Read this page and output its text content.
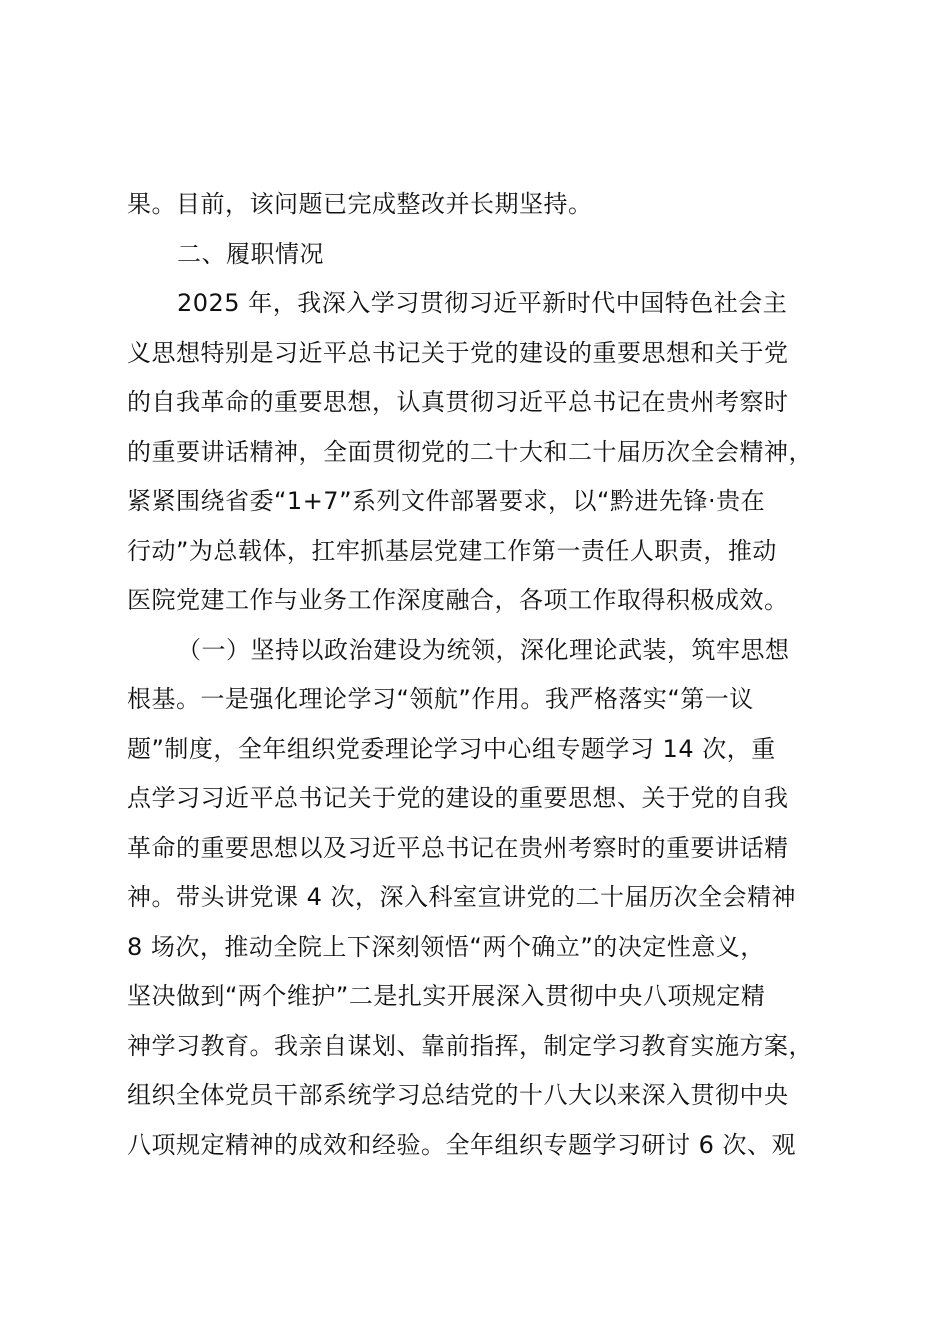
果。目前，该问题已完成整改并长期坚持。
二、履职情况
2025 年，我深入学习贯彻习近平新时代中国特色社会主
义思想特别是习近平总书记关于党的建设的重要思想和关于党
的自我革命的重要思想，认真贯彻习近平总书记在贵州考察时
的重要讲话精神，全面贯彻党的二十大和二十届历次全会精神，
紧紧围绕省委“1+7”系列文件部署要求，以“黔进先锋·贵在
行动”为总载体，扛牢抓基层党建工作第一责任人职责，推动
医院党建工作与业务工作深度融合，各项工作取得积极成效。
（一）坚持以政治建设为统领，深化理论武装，筑牢思想
根基。一是强化理论学习“领航”作用。我严格落实“第一议
题”制度，全年组织党委理论学习中心组专题学习 14 次，重
点学习习近平总书记关于党的建设的重要思想、关于党的自我
革命的重要思想以及习近平总书记在贵州考察时的重要讲话精
神。带头讲党课 4 次，深入科室宣讲党的二十届历次全会精神
8 场次，推动全院上下深刻领悟“两个确立”的决定性意义，
坚决做到“两个维护”二是扎实开展深入贯彻中央八项规定精
神学习教育。我亲自谋划、靠前指挥，制定学习教育实施方案，
组织全体党员干部系统学习总结党的十八大以来深入贯彻中央
八项规定精神的成效和经验。全年组织专题学习研讨 6 次、观
